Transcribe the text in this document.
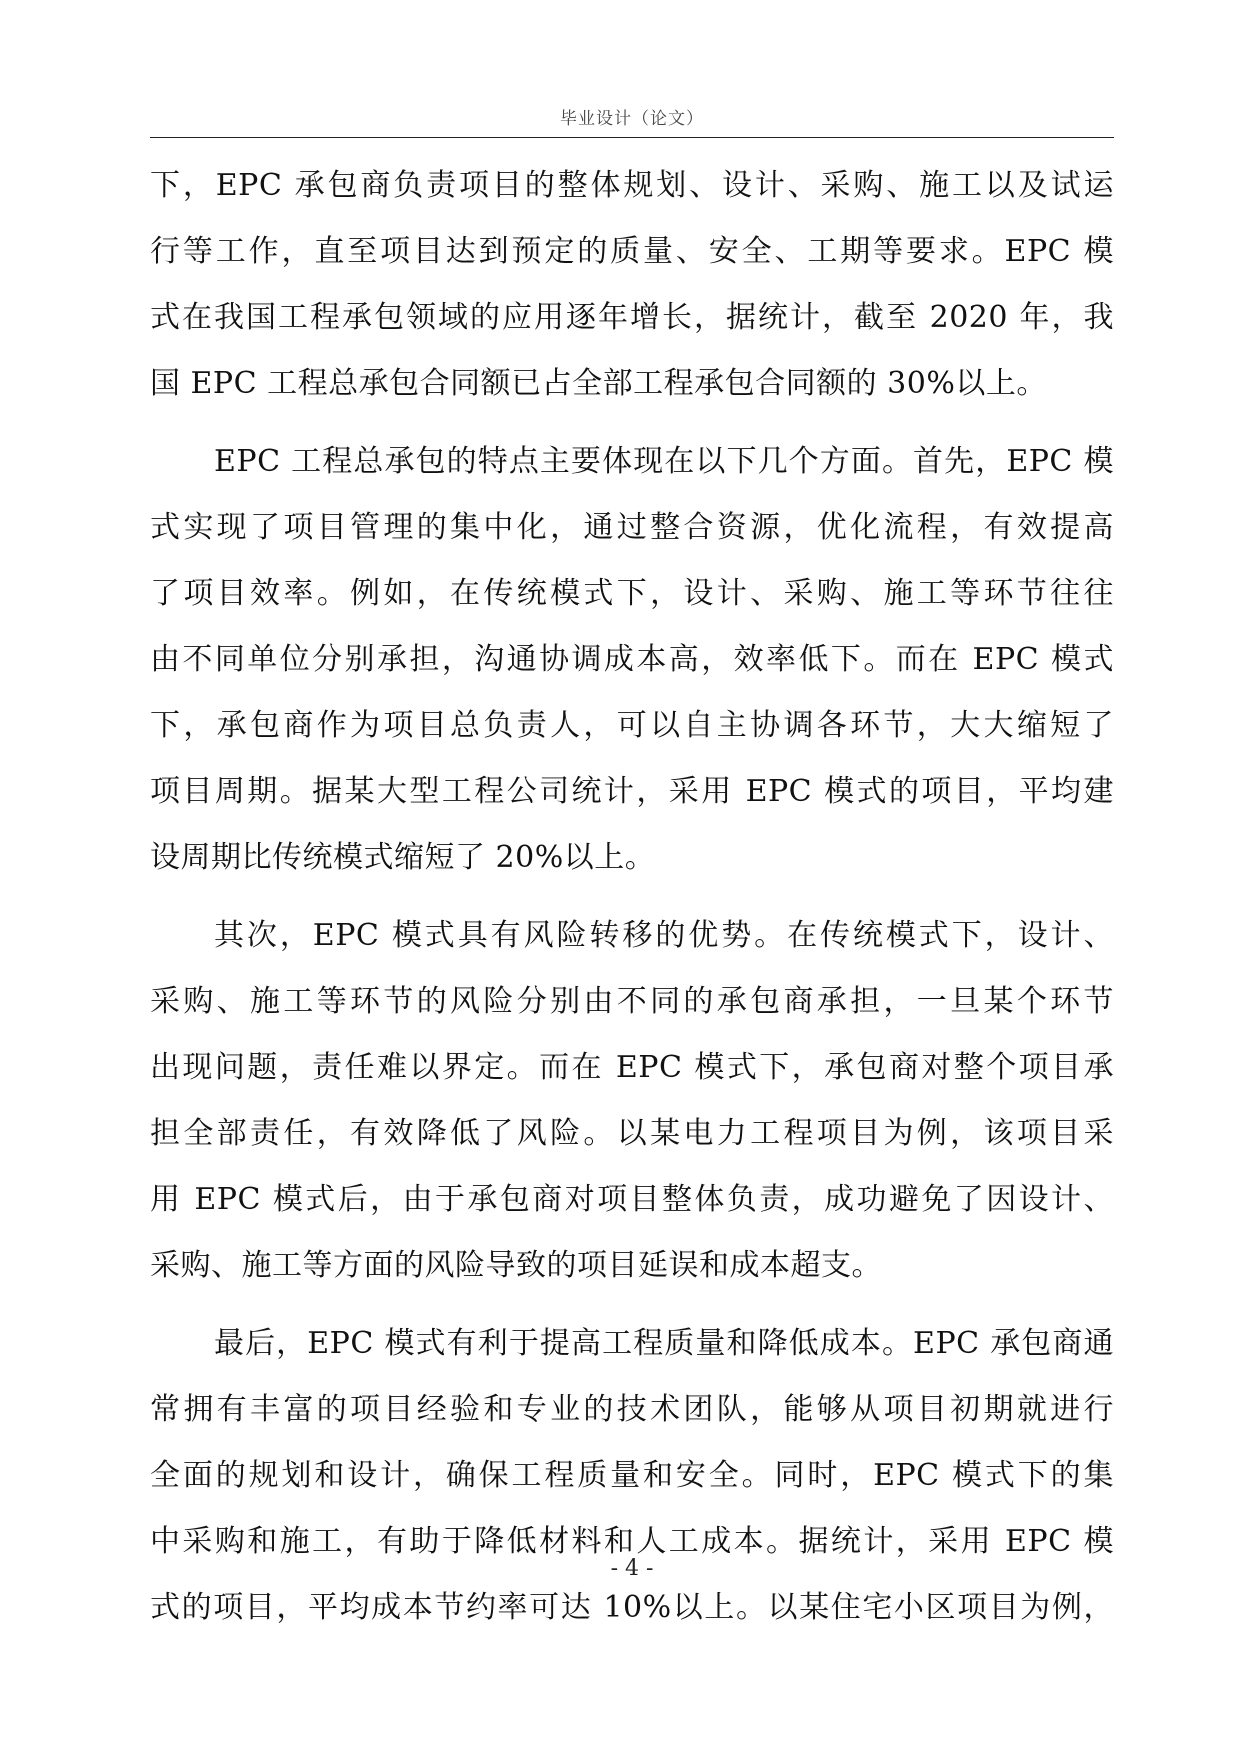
毕业设计（论文）
下，EPC 承包商负责项目的整体规划、设计、采购、施工以及试运
行等工作，直至项目达到预定的质量、安全、工期等要求。EPC 模
式在我国工程承包领域的应用逐年增长，据统计，截至 2020 年，我
国 EPC 工程总承包合同额已占全部工程承包合同额的 30%以上。
EPC 工程总承包的特点主要体现在以下几个方面。首先，EPC 模
式实现了项目管理的集中化，通过整合资源，优化流程，有效提高
了项目效率。例如，在传统模式下，设计、采购、施工等环节往往
由不同单位分别承担，沟通协调成本高，效率低下。而在 EPC 模式
下，承包商作为项目总负责人，可以自主协调各环节，大大缩短了
项目周期。据某大型工程公司统计，采用 EPC 模式的项目，平均建
设周期比传统模式缩短了 20%以上。
其次，EPC 模式具有风险转移的优势。在传统模式下，设计、
采购、施工等环节的风险分别由不同的承包商承担，一旦某个环节
出现问题，责任难以界定。而在 EPC 模式下，承包商对整个项目承
担全部责任，有效降低了风险。以某电力工程项目为例，该项目采
用 EPC 模式后，由于承包商对项目整体负责，成功避免了因设计、
采购、施工等方面的风险导致的项目延误和成本超支。
最后，EPC 模式有利于提高工程质量和降低成本。EPC 承包商通
常拥有丰富的项目经验和专业的技术团队，能够从项目初期就进行
全面的规划和设计，确保工程质量和安全。同时，EPC 模式下的集
中采购和施工，有助于降低材料和人工成本。据统计，采用 EPC 模
式的项目，平均成本节约率可达 10%以上。以某住宅小区项目为例，
- 4 -
